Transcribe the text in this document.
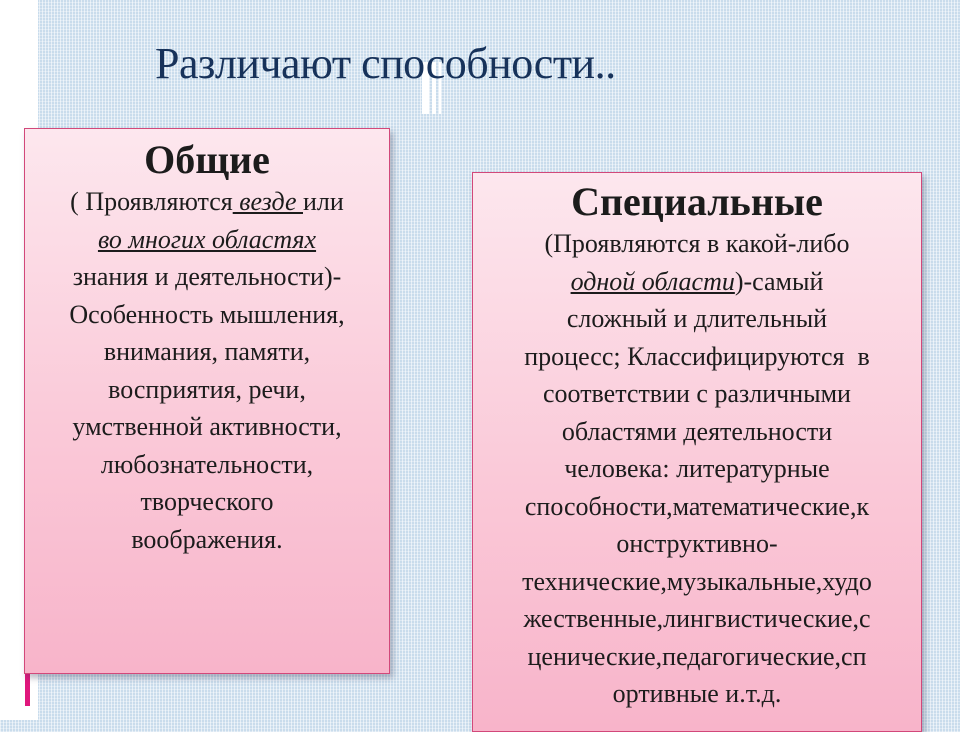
Различают способности..
Общие
( Проявляются везде или
во многих областях
знания и деятельности)-
Особенность мышления,
внимания, памяти,
восприятия, речи,
умственной активности,
любознательности,
творческого
воображения.
Специальные
(Проявляются в какой-либо
одной области)-самый
сложный и длительный
процесс; Классифицируются  в
соответствии с различными
областями деятельности
человека: литературные
способности,математические,к
онструктивно-
технические,музыкальные,худо
жественные,лингвистические,с
ценические,педагогические,сп
ортивные и.т.д.
